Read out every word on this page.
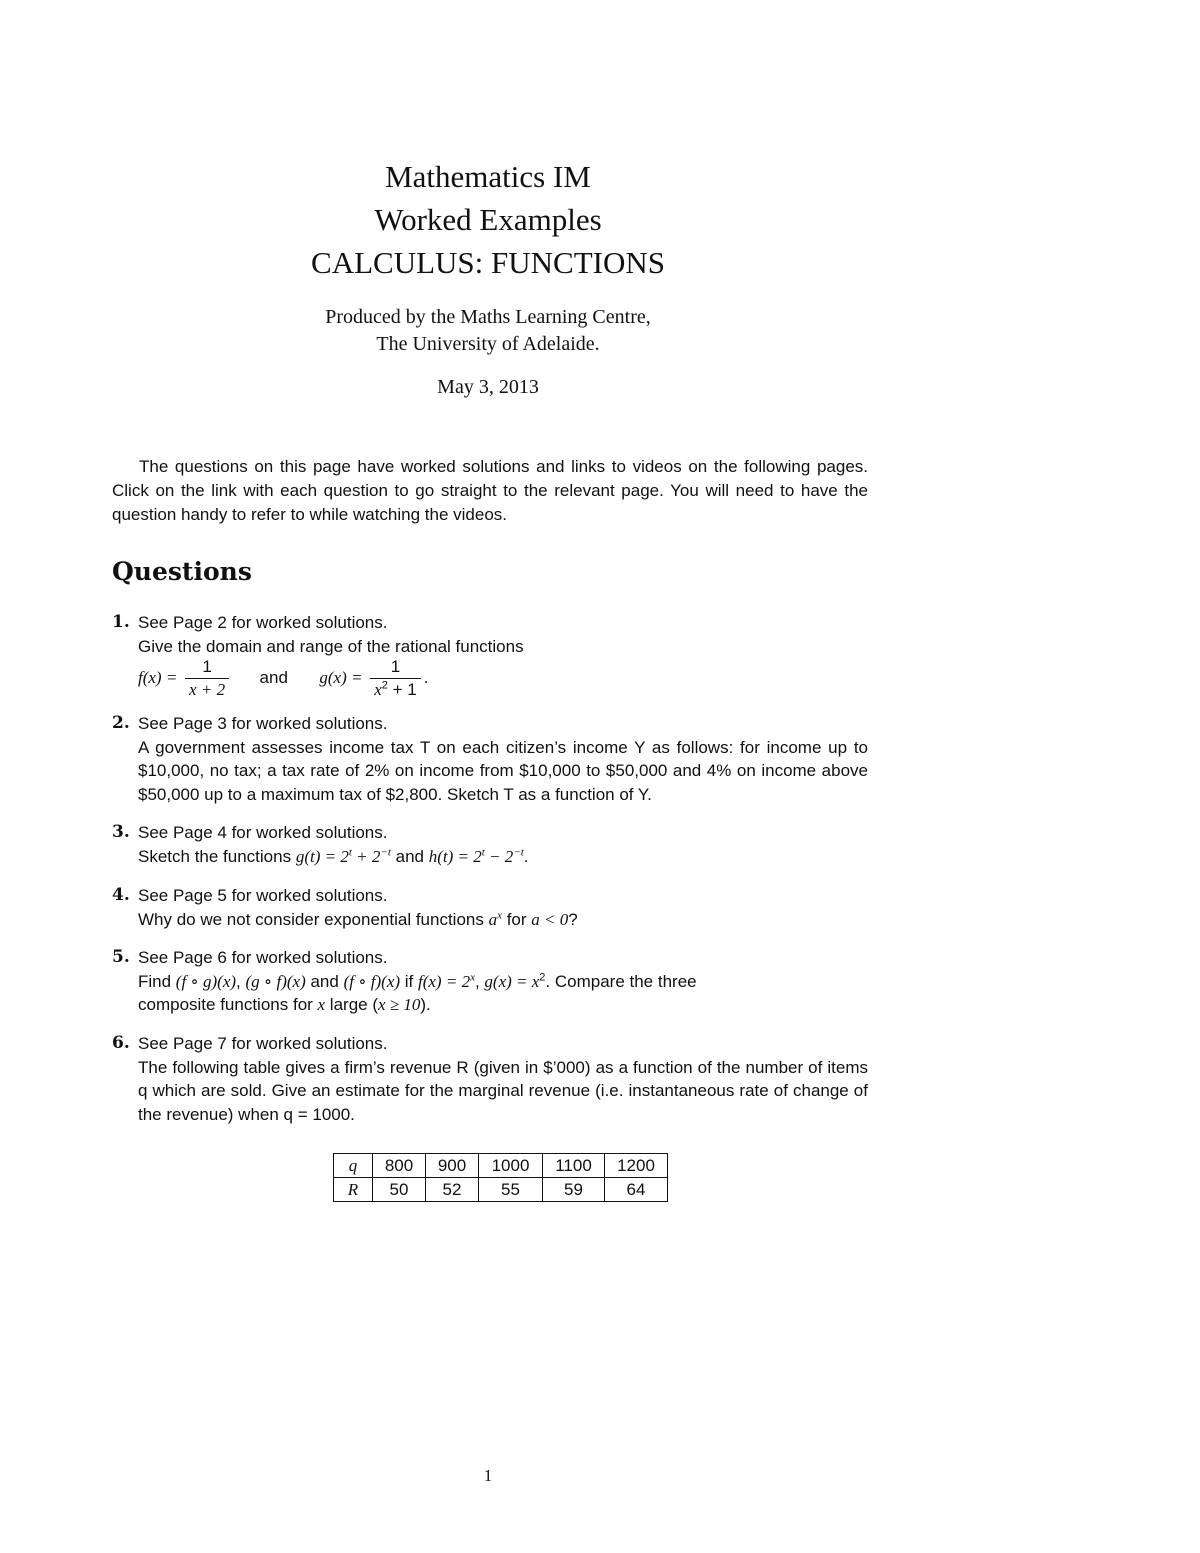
Mathematics IM
Worked Examples
CALCULUS: FUNCTIONS
Produced by the Maths Learning Centre,
The University of Adelaide.
May 3, 2013

The questions on this page have worked solutions and links to videos on the following pages. Click on the link with each question to go straight to the relevant page. You will need to have the question handy to refer to while watching the videos.

Questions
1. See Page 2 for worked solutions.

Give the domain and range of the rational functions

$f(x) = \frac{1}{x + 2}$ and $g(x) = \frac{1}{x^2 + 1}$ .

2. See Page 3 for worked solutions.

A government assesses income tax T on each citizen’s income Y as follows: for income up to $10,000, no tax; a tax rate of 2% on income from $10,000 to $50,000 and 4% on income above $50,000 up to a maximum tax of $2,800. Sketch T as a function of Y.

3. See Page 4 for worked solutions.

Sketch the functions $g(t) = 2^t + 2^{-t}$ and $h(t) = 2^t - 2^{-t}$.

4. See Page 5 for worked solutions.

Why do we not consider exponential functions $a^x$ for a < 0?

5. See Page 6 for worked solutions.

Find (f ∘ g)(x), (g ∘ f)(x) and (f ∘ f)(x) if $f(x) = 2^x$, $g(x) = x^2$. Compare the three

composite functions for x large (x ≥ 10).

6. See Page 7 for worked solutions.

The following table gives a firm’s revenue R (given in $’000) as a function of the number of items q which are sold. Give an estimate for the marginal revenue (i.e. instantaneous rate of change of the revenue) when q = 1000.

q	800	900	1000	1100	1200
R	50	52	55	59	64
1
